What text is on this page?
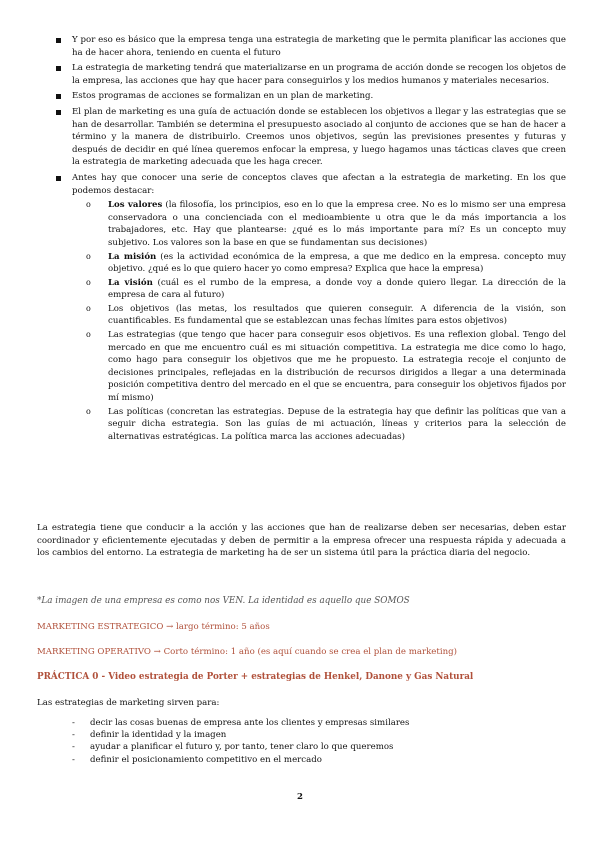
Y por eso es básico que la empresa tenga una estrategia de marketing que le permita planificar las acciones que ha de hacer ahora, teniendo en cuenta el futuro
La estrategia de marketing tendrá que materializarse en un programa de acción donde se recogen los objetos de la empresa, las acciones que hay que hacer para conseguirlos y los medios humanos y materiales necesarios.
Estos programas de acciones se formalizan en un plan de marketing.
El plan de marketing es una guía de actuación donde se establecen los objetivos a llegar y las estrategias que se han de desarrollar. También se determina el presupuesto asociado al conjunto de acciones que se han de hacer a término y la manera de distribuirlo. Creemos unos objetivos, según las previsiones presentes y futuras y después de decidir en qué línea queremos enfocar la empresa, y luego hagamos unas tácticas claves que creen la estrategia de marketing adecuada que les haga crecer.
Antes hay que conocer una serie de conceptos claves que afectan a la estrategia de marketing. En los que podemos destacar:
o Los valores (la filosofía, los principios, eso en lo que la empresa cree. No es lo mismo ser una empresa conservadora o una concienciada con el medioambiente u otra que le da más importancia a los trabajadores, etc. Hay que plantearse: ¿qué es lo más importante para mí? Es un concepto muy subjetivo. Los valores son la base en que se fundamentan sus decisiones)
o La misión (es la actividad económica de la empresa, a que me dedico en la empresa. concepto muy objetivo. ¿qué es lo que quiero hacer yo como empresa? Explica que hace la empresa)
o La visión (cuál es el rumbo de la empresa, a donde voy a donde quiero llegar. La dirección de la empresa de cara al futuro)
o Los objetivos (las metas, los resultados que quieren conseguir. A diferencia de la visión, son cuantificables. Es fundamental que se establezcan unas fechas límites para estos objetivos)
o Las estrategias (que tengo que hacer para conseguir esos objetivos. Es una reflexion global. Tengo del mercado en que me encuentro cuál es mi situación competitiva. La estrategia me dice como lo hago, como hago para conseguir los objetivos que me he propuesto. La estrategia recoje el conjunto de decisiones principales, reflejadas en la distribución de recursos dirigidos a llegar a una determinada posición competitiva dentro del mercado en el que se encuentra, para conseguir los objetivos fijados por mí mismo)
o Las políticas (concretan las estrategias. Depuse de la estrategia hay que definir las políticas que van a seguir dicha estrategia. Son las guías de mi actuación, líneas y criterios para la selección de alternativas estratégicas. La política marca las acciones adecuadas)
La estrategia tiene que conducir a la acción y las acciones que han de realizarse deben ser necesarias, deben estar coordinador y eficientemente ejecutadas y deben de permitir a la empresa ofrecer una respuesta rápida y adecuada a los cambios del entorno. La estrategia de marketing ha de ser un sistema útil para la práctica diaria del negocio.
*La imagen de una empresa es como nos VEN. La identidad es aquello que SOMOS
MARKETING ESTRATEGICO → largo término: 5 años
MARKETING OPERATIVO → Corto término: 1 año (es aquí cuando se crea el plan de marketing)
PRÁCTICA 0 - Video estrategia de Porter + estrategias de Henkel, Danone y Gas Natural
Las estrategias de marketing sirven para:
- decir las cosas buenas de empresa ante los clientes y empresas similares
- definir la identidad y la imagen
- ayudar a planificar el futuro y, por tanto, tener claro lo que queremos
- definir el posicionamiento competitivo en el mercado
2
